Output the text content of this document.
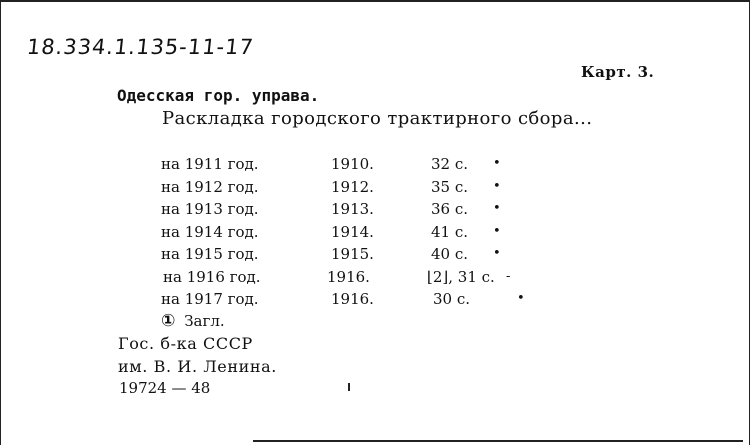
18.334.1.135-11-17
Карт. 3.
Одесская гор. управа.
Раскладка городского трактирного сбора...
на 1911 год.	1910.	32 с. •
на 1912 год.	1912.	35 с. •
на 1913 год.	1913.	36 с. •
на 1914 год.	1914.	41 с. •
на 1915 год.	1915.	40 с. •
на 1916 год.	1916.	⌊2⌋, 31 с. -
на 1917 год.	1916.	30 с.	•
① Загл.
Гос. б-ка СССР
им. В. И. Ленина.
19724 — 48
